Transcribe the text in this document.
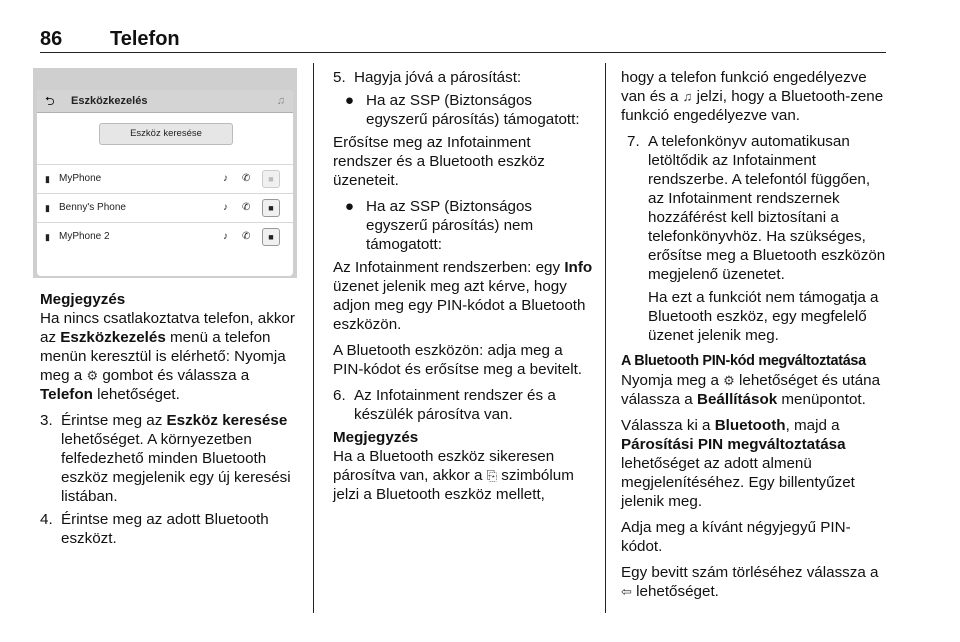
86 Telefon
⮌ Eszközkezelés	♫
Eszköz keresése
▮ MyPhone	♪ ✆	■
▮ Benny's Phone	♪ ✆	■
▮ MyPhone 2	♪ ✆	■

Megjegyzés

Ha nincs csatlakoztatva telefon, akkor az Eszközkezelés menü a telefon menün keresztül is elérhető: Nyomja meg a ⚙ gombot és válassza a Telefon lehetőséget.

3. Érintse meg az Eszköz keresése lehetőséget. A környezetben felfedezhető minden Bluetooth eszköz megjelenik egy új keresési listában.
4. Érintse meg az adott Bluetooth eszközt.
5. Hagyja jóvá a párosítást:
● Ha az SSP (Biztonságos egyszerű párosítás) támogatott:

Erősítse meg az Infotainment rendszer és a Bluetooth eszköz üzeneteit.

● Ha az SSP (Biztonságos egyszerű párosítás) nem támogatott:

Az Infotainment rendszerben: egy Info üzenet jelenik meg azt kérve, hogy adjon meg egy PIN-kódot a Bluetooth eszközön.

A Bluetooth eszközön: adja meg a PIN-kódot és erősítse meg a bevitelt.

6. Az Infotainment rendszer és a készülék párosítva van.

Megjegyzés

Ha a Bluetooth eszköz sikeresen párosítva van, akkor a ⎘ szimbólum jelzi a Bluetooth eszköz mellett,

hogy a telefon funkció engedélyezve van és a ♫ jelzi, hogy a Bluetooth-zene funkció engedélyezve van.

7. A telefonkönyv automatikusan letöltődik az Infotainment rendszerbe. A telefontól függően, az Infotainment rendszernek hozzáférést kell biztosítani a telefonkönyvhöz. Ha szükséges, erősítse meg a Bluetooth eszközön megjelenő üzenetet.

Ha ezt a funkciót nem támogatja a Bluetooth eszköz, egy megfelelő üzenet jelenik meg.

A Bluetooth PIN-kód megváltoztatása

Nyomja meg a ⚙ lehetőséget és utána válassza a Beállítások menüpontot.

Válassza ki a Bluetooth, majd a Párosítási PIN megváltoztatása lehetőséget az adott almenü megjelenítéséhez. Egy billentyűzet jelenik meg.

Adja meg a kívánt négyjegyű PIN-kódot.

Egy bevitt szám törléséhez válassza a ⇦ lehetőséget.
